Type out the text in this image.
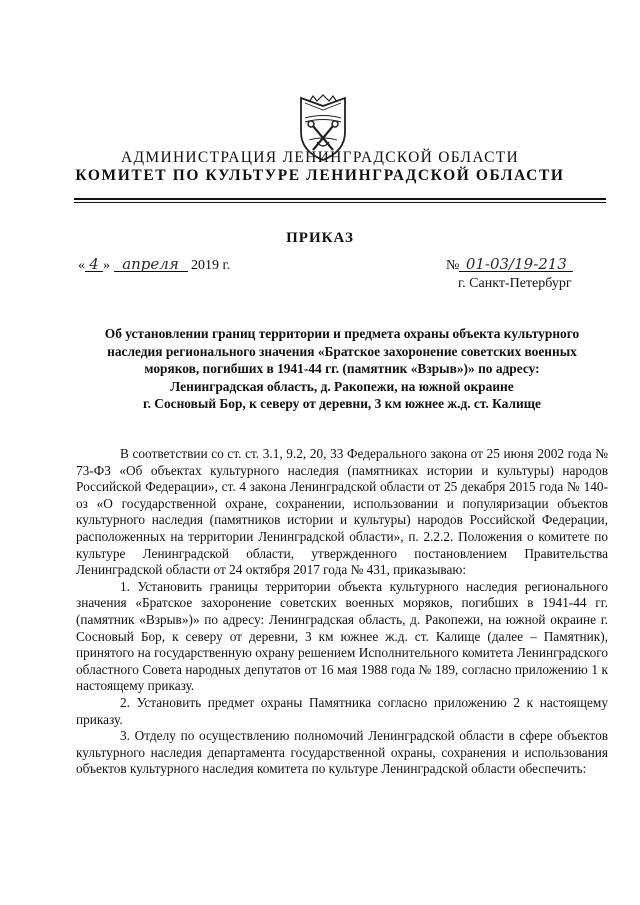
АДМИНИСТРАЦИЯ ЛЕНИНГРАДСКОЙ ОБЛАСТИ
КОМИТЕТ ПО КУЛЬТУРЕ ЛЕНИНГРАДСКОЙ ОБЛАСТИ
ПРИКАЗ
« 4 » апреля 2019 г.	№ 01-03/19-213
г. Санкт-Петербург
Об установлении границ территории и предмета охраны объекта культурного
наследия регионального значения «Братское захоронение советских военных
моряков, погибших в 1941-44 гг. (памятник «Взрыв»)» по адресу:
Ленинградская область, д. Ракопежи, на южной окраине
г. Сосновый Бор, к северу от деревни, 3 км южнее ж.д. ст. Калище

В соответствии со ст. ст. 3.1, 9.2, 20, 33 Федерального закона от 25 июня 2002 года № 73-ФЗ «Об объектах культурного наследия (памятниках истории и культуры) народов Российской Федерации», ст. 4 закона Ленинградской области от 25 декабря 2015 года № 140-оз «О государственной охране, сохранении, использовании и популяризации объектов культурного наследия (памятников истории и культуры) народов Российской Федерации, расположенных на территории Ленинградской области», п. 2.2.2. Положения о комитете по культуре Ленинградской области, утвержденного постановлением Правительства Ленинградской области от 24 октября 2017 года № 431, приказываю:

1. Установить границы территории объекта культурного наследия регионального значения «Братское захоронение советских военных моряков, погибших в 1941-44 гг. (памятник «Взрыв»)» по адресу: Ленинградская область, д. Ракопежи, на южной окраине г. Сосновый Бор, к северу от деревни, 3 км южнее ж.д. ст. Калище (далее – Памятник), принятого на государственную охрану решением Исполнительного комитета Ленинградского областного Совета народных депутатов от 16 мая 1988 года № 189, согласно приложению 1 к настоящему приказу.

2. Установить предмет охраны Памятника согласно приложению 2 к настоящему приказу.

3. Отделу по осуществлению полномочий Ленинградской области в сфере объектов культурного наследия департамента государственной охраны, сохранения и использования объектов культурного наследия комитета по культуре Ленинградской области обеспечить:
